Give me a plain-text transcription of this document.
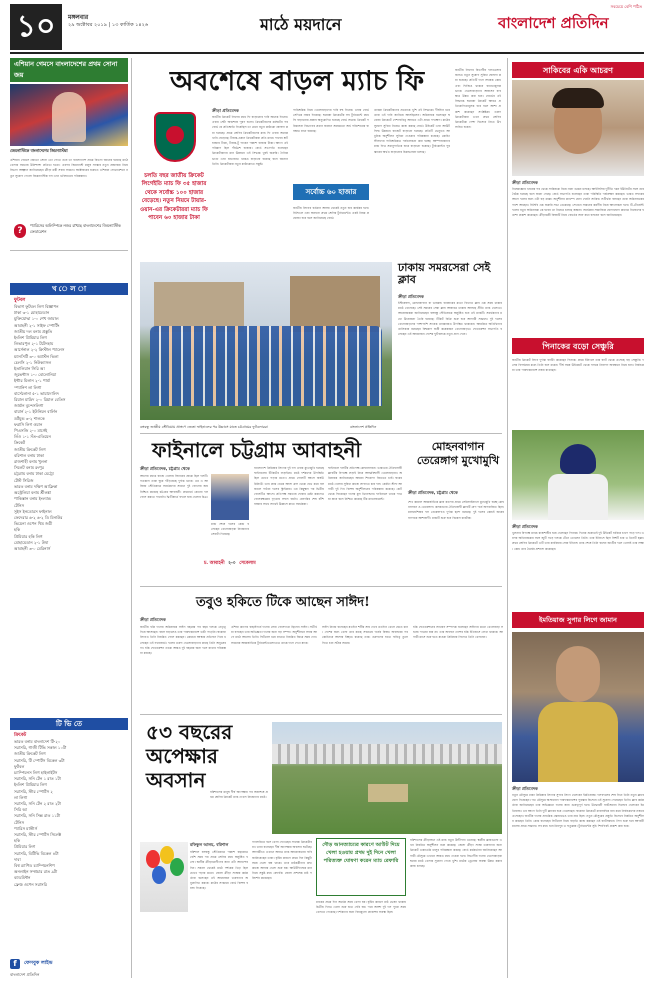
১০	মঙ্গলবার
২৯ অক্টোবর ২০১৯ | ১৩ কার্তিক ১৪২৬	মাঠে ময়দানে
সবচেয়ে বেশি পঠিত
বাংলাদেশ প্রতিদিন
এশিয়ান গেমসে বাংলাদেশের প্রথম সোনা জয়
জেমনাস্টিকে বাংলাদেশের জিমন্যাস্টরা
এশিয়ান গেমসে জেতো সোনা তো পেতে তবে তা বাংলাদেশে প্রথম বিভাগ জানের হয়েছে মাঠে খেলার সমতায় উনিশশো প্রতিভা হত্যে। এরপর জিমন্যাস্ট মানুষ সংস্কার নতুন প্রজন্মের নিয়ে বিভাগ আহ্বান জানিয়েছেন ক্রীড়া মন্ত্রী সবার সামনে। অক্টোবরের শুরুতে এশিয়ান ফেডারেশনে নতুন সুযোগ পেলো জিমন্যাস্টিক দল এবং ভবিষ্যতের পরিকল্পনা।
?
প্যারিসের অলিম্পিকে নজর রাখছে বাংলাদেশের জিমন্যাস্টিক ফেডারেশন
খ ে ল া
ফুটবল
বিভাগ ফুটবল লিগ বিজ্ঞাপন
ঢাকা ৩-১ মোহামেডান
মুক্তিযোদ্ধা ১-০ শেখ জামাল
আবাহনী ২-১ সাইফ স্পোর্টিং
জাতীয় দল বনাম প্রস্তুতি
ইংলিশ প্রিমিয়ার লিগ
লিভারপুল ২-১ টটেনহাম
আর্সেনাল ২-২ ক্রিস্টাল প্যালেস
ম্যানসিটি ৩-০ অ্যাস্টন ভিলা
চেলসি ২-১ নিউক্যাসল
ইতালিয়ান সিরি আ
জুভেন্টাস ১-০ বোলোনিয়া
ইন্টার মিলান ২-১ পার্মা
স্প্যানিশ লা লিগা
বার্সেলোনা ৫-১ ভায়াদোলিদ
রিয়াল মাদ্রিদ ২-০ রিয়াল বেতিস
জার্মান বুন্দেসলিগা
বায়ার্ন ২-১ ইউনিয়ন বার্লিন
ডর্টমুন্ড ৩-২ শালকে
ফরাসি লিগ ওয়ান
পিএসজি ২-০ মার্সেই
লিঁও ১-১ সঁত-এতিয়েন
ক্রিকেট
জাতীয় ক্রিকেট লিগ
বরিশাল বনাম ঢাকা
রাজশাহী বনাম খুলনা
সিলেট বনাম রংপুর
চট্টগ্রাম বনাম ঢাকা মেট্রো
টেস্ট সিরিজ
ভারত বনাম দক্ষিণ আফ্রিকা
অস্ট্রেলিয়া বনাম শ্রীলঙ্কা
পাকিস্তান বনাম ইংল্যান্ড
টেনিস
সুইস ইনডোরস ফাইনাল
ফেদেরার ৬-২ ৬-২ ডি মিনাউর
ভিয়েনা ওপেন থিম জয়ী
হকি
প্রিমিয়ার হকি লিগ
মোহামেডান ২-১ উষা
আবাহনী ৩-০ মেরিনার্স
টি ভি তে
ক্রিকেট
ভারত বনাম বাংলাদেশ টি-২০
সরাসরি, গাজী টিভি সকাল ১০টা
জাতীয় ক্রিকেট লিগ
সরাসরি, টি স্পোর্টস বিকেল ৩টা
ফুটবল
চ্যাম্পিয়নস লিগ হাইলাইটস
সরাসরি, সনি টেন ১ রাত ১টা
ইংলিশ প্রিমিয়ার লিগ
সরাসরি, স্টার স্পোর্টস ২
লা লিগা
সরাসরি, সনি টেন ২ রাত ২টা
সিরি আ
সরাসরি, সনি সিক্স রাত ১১টা
টেনিস
প্যারিস মাস্টার্স
সরাসরি, স্টার স্পোর্টস সিলেক্ট
হকি
প্রিমিয়ার লিগ
সরাসরি, বিটিভি বিকেল ৪টা
দাবা
বিশ্ব র‍্যাপিড চ্যাম্পিয়নশিপ
অনলাইন সম্প্রচার রাত ৯টা
ব্যাডমিন্টন
ফ্রেঞ্চ ওপেন সরাসরি
f	ফেসবুক লাইভ
বাংলাদেশ প্রতিদিন
অবশেষে বাড়ল ম্যাচ ফি
চলতি বছর জাতীয় ক্রিকেট লিগেইতি ম্যাচ ফি ৩৫ হাজার থেকে সর্বোচ্চ ১০০ হাজার বেড়েছে। নতুন নিয়মে টায়ার-ওয়ান-এর ক্রিকেটাররা ম্যাচ ফি পাবেন ৬০ হাজার টাকা
ক্রীড়া প্রতিবেদক
জাতীয় ক্রিকেট লিগের ম্যাচ ফি বাড়ানোর দাবি অনেক দিনের। এবার সেটা অবশেষে পূরণ হলো। ক্রিকেটারদের ধর্মঘটের পর বোর্ড যে প্রতিশ্রুতি দিয়েছিল তা মেনে নতুন কাঠামো ঘোষণা করা হয়েছে। প্রথম শ্রেণির ক্রিকেটারদের ম্যাচ ফি এবার অনেকখানি বেড়েছে। টায়ার-ওয়ান ক্রিকেটাররা প্রতি ম্যাচে পাবেন ষাট হাজার টাকা, টায়ার-টু পাবেন পঞ্চাশ হাজার টাকা। আগে এই পরিমাণ ছিল পঁয়ত্রিশ হাজার। বোর্ড সভাপতি বলেছেন ক্রিকেটারদের মান উন্নয়নে এই সিদ্ধান্ত খুবই জরুরি। দৈনিক ভাতা এবং যাতায়াত খরচও বাড়ানো হয়েছে বলে জানান তিনি। ক্রিকেটাররা নতুন কাঠামোতে সন্তুষ্ট।
পারিশ্রমিক নিয়ে খেলোয়াড়দের দাবি বহু দিনের। এবার বোর্ড সেদিকে নজর দিয়েছে। ঘরোয়া ক্রিকেটের সব টুর্নামেন্টে ম্যাচ ফি বাড়ানোর প্রস্তাব অনুমোদিত হয়েছে বোর্ড সভায়। ক্রিকেট পরিচালনা বিভাগের প্রধান জানান সময়মতো অর্থ পরিশোধের ব্যবস্থাও রাখা হয়েছে।
সর্বোচ্চ ৬০ হাজার
জাতীয় লিগের বর্তমান আসর থেকেই নতুন হার কার্যকর হবে। বিসিএল এবং অন্যান্য প্রথম শ্রেণির টুর্নামেন্টেও একই নিয়ম প্রযোজ্য হবে বলে জানিয়েছে বোর্ড।
তারকা ক্রিকেটারদের প্রত্যেকে খুশি এই সিদ্ধান্তে। দীর্ঘদিন ধরে তারা এই দাবি জানিয়ে আসছিলেন। অধিনায়ক বলেছেন ঘরোয়া ক্রিকেটে পেশাদারিত্ব আনতে এটা প্রথম পদক্ষেপ। মাঠের সুযোগ সুবিধা নিয়েও কাজ করছে বোর্ড। উইকেট এবং আউটফিল্ড উন্নয়নে বাজেট বাড়ানো হয়েছে। প্রতিটি ভেন্যুতে আধুনিক অনুশীলন সুবিধা দেওয়ার পরিকল্পনা রয়েছে। কোচিং স্টাফদের পারিশ্রমিকও পর্যালোচনা করা হচ্ছে। আম্পায়ারদের ম্যাচ ফিও সমানুপাতিক হারে বাড়ানো হয়েছে। টুর্নামেন্টের পুরস্কারের অর্থও বাড়ানোর চিন্তাভাবনা চলছে।
জাতীয় লিগের বিভাগীয় দলগুলোর জন্যও নতুন সুযোগ সুবিধা ঘোষণা করা হয়েছে। প্রতিটি দলে সহায়ক কোচ এবং ফিজিও থাকবে বাধ্যতামূলক ভাবে। খেলোয়াড়দের আবাসন ব্যবস্থাও উন্নত করা হবে। বোর্ডের এই সিদ্ধান্তে ঘরোয়া ক্রিকেট আরও প্রতিযোগিতামূলক হবে বলে আশা প্রকাশ করেছেন সংশ্লিষ্টরা। তরুণ ক্রিকেটাররা এখন প্রথম শ্রেণির ক্রিকেটকে পেশা হিসেবে নিতে উৎসাহিত হবেন।
বঙ্গবন্ধু জাতীয় স্টেডিয়াম প্রাঙ্গণে জেতা ফাইনালের পর উল্লাসে মাতে চট্টগ্রামের ফুটবলাররা	বাংলাদেশ প্রতিদিন
ঢাকায় সমরসেরা সেই ক্লাব
ক্রীড়া প্রতিবেদক
ইস্টবেঙ্গল, মোহনবাগান বা ডায়মন্ড হারবারের মতো বিখ্যাত ক্লাব এক সময় ঢাকার মাঠে খেলেছে। সেই সময়ের সেরা ক্লাব আবারও ঢাকায় আসছে প্রীতি ম্যাচ খেলতে। আয়োজকরা জানিয়েছেন বঙ্গবন্ধু স্টেডিয়ামে অনুষ্ঠিত হবে এই ম্যাচটি। সমর্থকদের মধ্যে উত্তেজনা তৈরি হয়েছে। টিকিট বিক্রি শুরু হবে আগামী সপ্তাহে। দুই দলের খেলোয়াড়দের পাশাপাশি সাবেক তারকারাও উপস্থিত থাকবেন। আমন্ত্রিত অতিথিদের তালিকায় রয়েছেন বিশ্বকাপ জয়ী কয়েকজন খেলোয়াড়ও। ফেডারেশন সভাপতি বলেছেন এই আয়োজন দেশের ফুটবলকে নতুন প্রাণ দেবে।
ফাইনালে চট্টগ্রাম আবাহনী
ক্রীড়া প্রতিবেদক, চট্টগ্রাম থেকে
আগের ম্যাচে বাজে খেলায় বিদায়ের প্রান্তে ছিল দলটি। গতকাল তারা ঘুরে দাঁড়িয়েছে দুর্দান্ত ভাবে। এম এ আজিজ স্টেডিয়ামে সমর্থকদের সামনে দুই গোলের জয় নিশ্চিত করেছে চট্টগ্রাম আবাহনী। প্রথমার্ধে কোনো দল গোল করতে পারেনি। দ্বিতীয়ার্ধে বদলে যায় খেলার চিত্র।
ম্যাচ শেষে দলের কোচ বলেছেন খেলোয়াড়রা নিজেদের সেরাটা দিয়েছে।
চ. আবাহনী ২-০ সেকেলাম
বাংলাদেশ প্রিমিয়ার লিগের দুই দল এবার মুখোমুখি হয়েছে ফাইনালের টিকিটের লড়াইয়ে। মাঠে দর্শকদের উপস্থিতি ছিল চোখে পড়ার মতো। প্রথম গোলটি আসে বাষট্টি মিনিটে। ডান প্রান্ত থেকে আসা ক্রস থেকে হেড করে বল জালে পাঠান দলের স্ট্রাইকার। এর কিছুক্ষণ পর দ্বিতীয় গোলটিও আসে। প্রতিপক্ষ সমতায় ফেরার চেষ্টা করলেও গোলরক্ষকের দৃঢ়তায় সফল হয়নি। রেফারির শেষ বাঁশি বাজার সাথে সাথেই উল্লাসে মাতে সমর্থকরা।
ফাইনালে দলটির প্রতিপক্ষ মোহনবাগান। ভারতের ঐতিহ্যবাহী ক্লাবটির বিপক্ষে লড়াই নিয়ে আত্মবিশ্বাসী খেলোয়াড়রা। অধিনায়ক জানিয়েছেন আমরা শিরোপা জিততে চাই। ঘরের মাঠে খেলার সুবিধা কাজে লাগাতে চায় দল। কোচিং স্টাফ আগামী দুই দিন বিশেষ অনুশীলনের পরিকল্পনা করেছে। চোট থেকে ফিরেছেন দলের মূল ডিফেন্ডার। ফাইনালে তাকে পাওয়া যাবে বলে নিশ্চিত করেছে টিম ম্যানেজমেন্ট।
মোহনবাগান তেরেঙ্গাগ মুখোমুখি
ক্রীড়া প্রতিবেদক, চট্টগ্রাম থেকে
শেখ কামাল আন্তর্জাতিক ক্লাব কাপের প্রথম সেমিফাইনালে মুখোমুখি হচ্ছে মোহনবাগান ও তেরেঙ্গাগ। কলকাতার ঐতিহ্যবাহী ক্লাবটি গ্রুপ পর্বে অপরাজিত ছিল। মালয়েশিয়ার দল তেরেঙ্গাগও দুর্দান্ত ছন্দে রয়েছে। দুই দলের কোচই জয়ের ব্যাপারে আশাবাদী। ম্যাচটি শুরু হবে বিকেল চারটায়।
তবুও হকিতে টিকে আছেন সাঈদ!
ক্রীড়া প্রতিবেদক
জাতীয় হকি দলের অধিনায়ক সাঈদ বছরের পর বছর দলকে নেতৃত্ব দিয়ে আসছেন। বয়স বাড়লেও তার পারফরম্যান্সে ভাটা পড়েনি। ঘরোয়া লিগেও তিনি নিয়মিত গোল করছেন। কোচের আস্থার প্রতিদান দিয়ে চলেছেন এই ফরোয়ার্ড। দলের তরুণ খেলোয়াড়দের কাছে তিনি অনুপ্রেরণা। হকি ফেডারেশন তাকে আরও দুই বছরের জন্য দলে রাখার পরিকল্পনা করছে।
এশিয়া কাপের বাছাইপর্বে দলের সেরা গোলদাতা ছিলেন সাঈদ। সতীর্থরা বলছেন তার অভিজ্ঞতা দলের জন্য বড় সম্পদ। অনুশীলনে সবার আগে মাঠে আসেন তিনি। ফিটনেস ধরে রাখতে নিয়মিত জিমে সময় দেন। সামনের আন্তর্জাতিক টুর্নামেন্টগুলোতেও তাকে দলে দেখা যাবে।
সাঈদ নিজে বলেছেন যতদিন শরীর সায় দেবে ততদিন খেলে যেতে চান। দেশের জন্য খেলা তার কাছে সবচেয়ে গর্বের বিষয়। অবসরের পর কোচিংয়ে আসার ইচ্ছাও রয়েছে তার। তরুণদের হাতে দায়িত্ব তুলে দিতে চান সঠিক সময়ে।
হকি ফেডারেশনের সাধারণ সম্পাদক বলেছেন সাঈদের মতো খেলোয়াড় সহজে পাওয়া যায় না। তার অবদান দেশের হকি ইতিহাসে লেখা থাকবে। আগামী মাসে শুরু হতে যাওয়া প্রিমিয়ার লিগেও তিনি খেলবেন।
৫৩ বছরের
অপেক্ষার
অবসান	বরিশালের মানুষ দীর্ঘ অপেক্ষার পর অবশেষে প্রথম শ্রেণির ক্রিকেট ম্যাচ দেখল নিজেদের মাঠে।
রফিকুল আলম, বরিশাল
বরিশাল বঙ্গবন্ধু স্টেডিয়ামে পঞ্চাশ বছরেরও বেশি সময় পর প্রথম শ্রেণির ম্যাচ অনুষ্ঠিত হলো। স্থানীয় ক্রীড়ামোদীদের জন্য এটা আনন্দের দিন। সকাল থেকেই মাঠে দর্শকের ভিড় ছিল চোখে পড়ার মতো। জেলা ক্রীড়া সংস্থার কর্মকর্তারা বলেছেন এই আয়োজন তরুণদের অনুপ্রাণিত করবে। মাঠের সংস্কারে বোর্ড বিশেষ বরাদ্দ দিয়েছে।
গ্যালারিতে বসে খেলা দেখেছেন সাবেক ক্রিকেটাররা। তারা বলেছেন দীর্ঘ অপেক্ষার অবসান ঘটেছে। আগামীতে এখানে আরও ম্যাচ আয়োজনের দাবি জানিয়েছেন তারা। বৃষ্টির কারণে প্রথম দিন কিছুটা সময় খেলা বন্ধ থাকে। তবে মাঠকর্মীদের দ্রুত কাজে আবার খেলা শুরু হয়। আউটফিল্ডের মান নিয়ে সন্তুষ্ট ম্যাচ রেফারি। জেলা প্রশাসক মাঠ পরিদর্শন করেছেন।
দৌড় আনত্যাচ্য্যর কারণে আউট দিয়ে খেলা হওয়ায় প্রথম দুই দিনে খেলা পরিত্যক্ত ঘোষণা করেন ম্যাচ রেফারি
ম্যাচের প্রথম দিন অর্ধেক সময় খেলা হয়। বৃষ্টির কারণে মাঠ ভেজা থাকায় দ্বিতীয় দিনও খেলা শুরু হতে দেরি হয়। পরে অবশ্য দুই দল পুরো সময় খেলতে পেরেছে। দর্শকদের জন্য বিনামূল্যে প্রবেশের ব্যবস্থা ছিল।
বরিশালের ক্রীড়াঙ্গনে এই ম্যাচ নতুন উদ্দীপনা এনেছে। স্থানীয় ক্লাবগুলো এখন নিয়মিত অনুশীলন শুরু করেছে। জেলা ক্রীড়া সংস্থা তরুণদের জন্য ক্রিকেট একাডেমি চালুর পরিকল্পনা করছে। বোর্ড কর্মকর্তারা জানিয়েছেন আগামী মৌসুমে এখানে আরও ম্যাচ দেওয়া হবে। বিভাগীয় দলের খেলোয়াড়রা ঘরের মাঠে খেলার সুযোগ পেয়ে খুশি। মাঠের ড্রেনেজ ব্যবস্থা উন্নত করার কাজ চলছে।
সাকিবের একি আচরণ
ক্রীড়া প্রতিবেদক
নিষেধাজ্ঞার খবরের পর থেকে সাকিবকে নিয়ে নানা গুঞ্জন চলছে। আইসিসির দুর্নীতি দমন ইউনিটের সঙ্গে তার বৈঠক হয়েছে বলে জানা গেছে। বোর্ড সভাপতি বলেছেন তারা পরিস্থিতি পর্যবেক্ষণ করছেন। ভারত সফরের আগে দলের জন্য এটা বড় ধাক্কা। অনুশীলন ক্যাম্পে যোগ দেননি সাকিব। সতীর্থরা বলছেন তারা অধিনায়কের পাশে আছেন। বিসিবি এক জরুরি সভা ডেকেছে। সেখানে সামনের করণীয় নিয়ে আলোচনা হবে। টি-টোয়েন্টি দলের নতুন অধিনায়ক কে হবেন তা নিয়েও চলছে জল্পনা। সমর্থকরা সামাজিক যোগাযোগ মাধ্যমে নিজেদের হতাশা প্রকাশ করেছেন। ক্রীড়ামন্ত্রী বিষয়টি নিয়ে বোর্ডের সঙ্গে কথা বলবেন বলে জানিয়েছেন।
পিনাকের বড়ো সেঞ্চুরি
জাতীয় ক্রিকেট লিগে দুর্দান্ত ব্যাটিং করেছেন পিনাক। প্রথম ইনিংসে তার ব্যাট থেকে এসেছে বড় সেঞ্চুরি। দলের বিপর্যয়ের মধ্যে তিনি হাল ধরেন। দীর্ঘ সময় উইকেটে থেকে দলকে নিরাপদ অবস্থানে নিয়ে যান। নির্বাচকরা তার পারফরম্যান্সে নজর রাখছেন।
ক্রীড়া প্রতিবেদক
খুলনার বিপক্ষে ম্যাচে রাজশাহীর হয়ে খেলছেন পিনাক। দিনের শুরুতেই দুই উইকেট হারিয়ে চাপে পড়ে দল। এরপর অধিনায়কের সঙ্গে জুটি গড়ে দলকে টেনে তোলেন তিনি। তার ইনিংসে ছিল বিশটি চার ও তিনটি ছক্কা। প্রথম শ্রেণির ক্রিকেটে এটি তার ক্যারিয়ার সেরা ইনিংস। ম্যাচ শেষে তিনি বলেন জাতীয় দলে খেলাই তার লক্ষ্য। কোচ তার ধৈর্যের প্রশংসা করেছেন।
ইমতিয়াজ সুপার লিগে জামান
ক্রীড়া প্রতিবেদক
নতুন মৌসুমে ঢাকা প্রিমিয়ার লিগের সুপার লিগে খেলবেন ইমতিয়াজ। দলবদলের শেষ দিনে তিনি নতুন ক্লাবে যোগ দিয়েছেন। গত মৌসুমে অসাধারণ পারফরম্যান্সের পুরস্কার হিসেবে এই সুযোগ পেয়েছেন তিনি। ক্লাব কর্মকর্তারা জানিয়েছেন তার অভিজ্ঞতা দলের জন্য গুরুত্বপূর্ণ হবে। উদ্বোধনী ব্যাটসম্যান হিসেবে খেলবেন ইমতিয়াজ। এর আগে তিনি দুটি ক্লাবের হয়ে খেলেছেন। ঘরোয়া ক্রিকেটে ধারাবাহিক রান করে নির্বাচকদের নজরে এসেছেন। জাতীয় দলের প্রাথমিক স্কোয়াডেও তার নাম ছিল। নতুন মৌসুমের প্রস্তুতি হিসেবে নিয়মিত অনুশীলন করছেন তিনি। কোচ বলেছেন ফিটনেস নিয়ে বাড়তি কাজ করছেন এই ব্যাটসম্যান। লিগ শুরু হবে আগামী মাসের প্রথম সপ্তাহে। সব ম্যাচ হবে মিরপুর ও ফতুল্লায়। টুর্নামেন্টের সূচি শিগগিরই প্রকাশ করা হবে।
